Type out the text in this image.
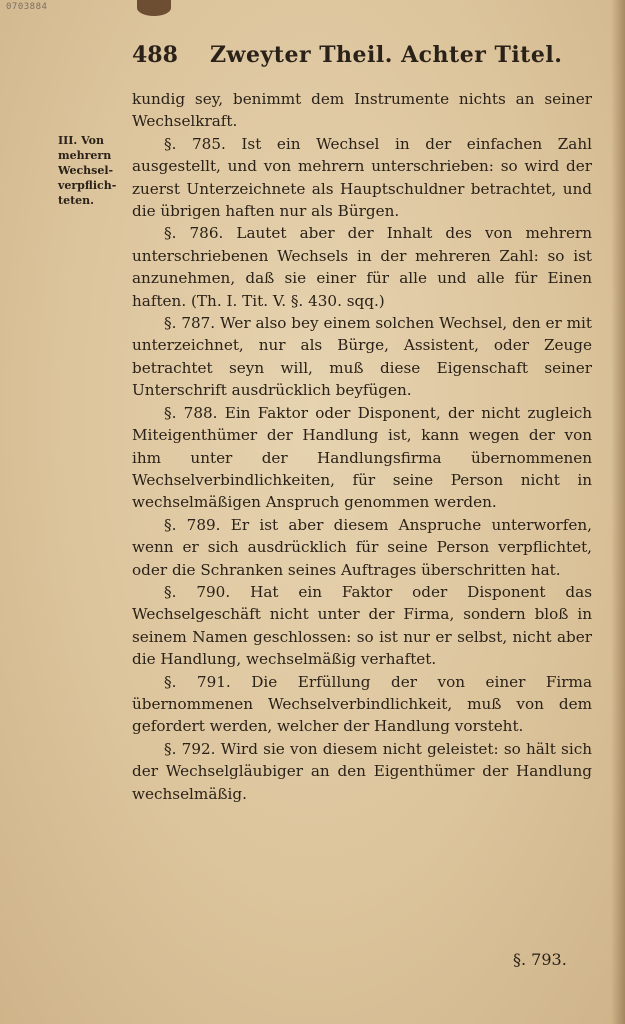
0703884
488 Zweyter Theil. Achter Titel.
III. Von mehrern Wechsel-verpflich-teten.

kundig sey, benimmt dem Instrumente nichts an seiner Wechselkraft.

§. 785. Ist ein Wechsel in der einfachen Zahl ausgestellt, und von mehrern unterschrieben: so wird der zuerst Unterzeichnete als Hauptschuldner betrachtet, und die übrigen haften nur als Bürgen.

§. 786. Lautet aber der Inhalt des von mehrern unterschriebenen Wechsels in der mehreren Zahl: so ist anzunehmen, daß sie einer für alle und alle für Einen haften. (Th. I. Tit. V. §. 430. sqq.)

§. 787. Wer also bey einem solchen Wechsel, den er mit unterzeichnet, nur als Bürge, Assistent, oder Zeuge betrachtet seyn will, muß diese Eigenschaft seiner Unterschrift ausdrücklich beyfügen.

§. 788. Ein Faktor oder Disponent, der nicht zugleich Miteigenthümer der Handlung ist, kann wegen der von ihm unter der Handlungsfirma übernommenen Wechselverbindlichkeiten, für seine Person nicht in wechselmäßigen Anspruch genommen werden.

§. 789. Er ist aber diesem Anspruche unterworfen, wenn er sich ausdrücklich für seine Person verpflichtet, oder die Schranken seines Auftrages überschritten hat.

§. 790. Hat ein Faktor oder Disponent das Wechselgeschäft nicht unter der Firma, sondern bloß in seinem Namen geschlossen: so ist nur er selbst, nicht aber die Handlung, wechselmäßig verhaftet.

§. 791. Die Erfüllung der von einer Firma übernommenen Wechselverbindlichkeit, muß von dem gefordert werden, welcher der Handlung vorsteht.

§. 792. Wird sie von diesem nicht geleistet: so hält sich der Wechselgläubiger an den Eigenthümer der Handlung wechselmäßig.

§. 793.
